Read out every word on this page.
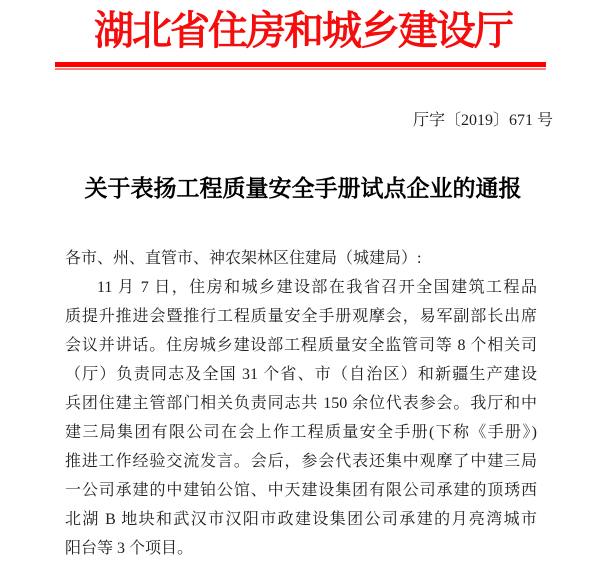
湖北省住房和城乡建设厅
厅字〔2019〕671 号
关于表扬工程质量安全手册试点企业的通报
各市、州、直管市、神农架林区住建局（城建局）:
11 月 7 日，住房和城乡建设部在我省召开全国建筑工程品
质提升推进会暨推行工程质量安全手册观摩会，易军副部长出席
会议并讲话。住房城乡建设部工程质量安全监管司等 8 个相关司
（厅）负责同志及全国 31 个省、市（自治区）和新疆生产建设
兵团住建主管部门相关负责同志共 150 余位代表参会。我厅和中
建三局集团有限公司在会上作工程质量安全手册(下称《手册》)
推进工作经验交流发言。会后，参会代表还集中观摩了中建三局
一公司承建的中建铂公馆、中天建设集团有限公司承建的顶琇西
北湖 B 地块和武汉市汉阳市政建设集团公司承建的月亮湾城市
阳台等 3 个项目。
